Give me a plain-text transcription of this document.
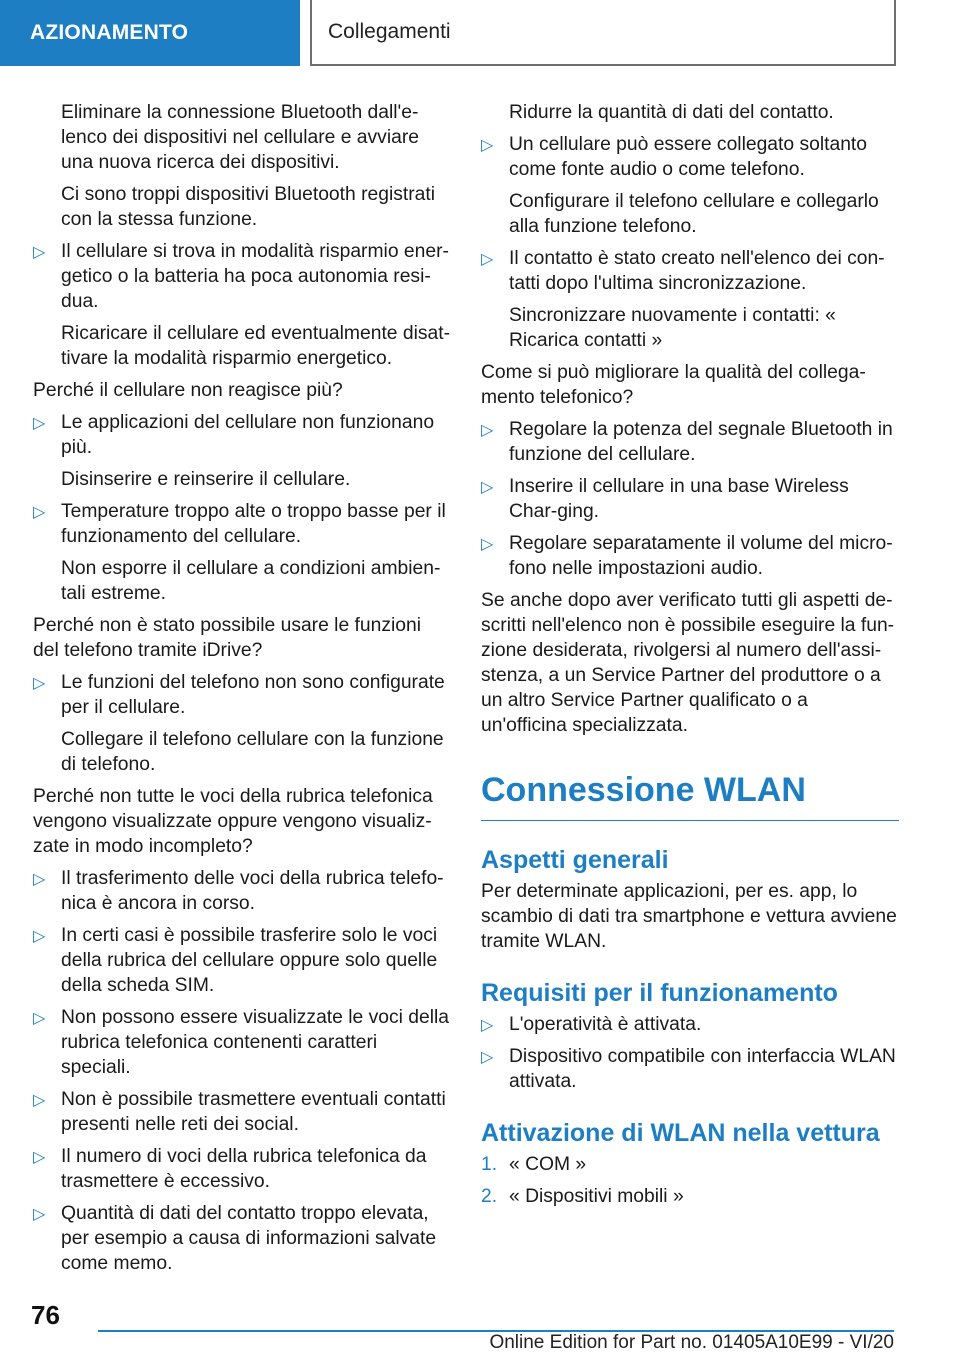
AZIONAMENTO	Collegamenti

Eliminare la connessione Bluetooth dall'e-lenco dei dispositivi nel cellulare e avviare una nuova ricerca dei dispositivi.

Ci sono troppi dispositivi Bluetooth registrati con la stessa funzione.

▷ Il cellulare si trova in modalità risparmio ener-getico o la batteria ha poca autonomia resi-dua.

Ricaricare il cellulare ed eventualmente disat-tivare la modalità risparmio energetico.

Perché il cellulare non reagisce più?

▷ Le applicazioni del cellulare non funzionano più.

Disinserire e reinserire il cellulare.

▷ Temperature troppo alte o troppo basse per il funzionamento del cellulare.

Non esporre il cellulare a condizioni ambien-tali estreme.

Perché non è stato possibile usare le funzioni del telefono tramite iDrive?

▷ Le funzioni del telefono non sono configurate per il cellulare.

Collegare il telefono cellulare con la funzione di telefono.

Perché non tutte le voci della rubrica telefonica vengono visualizzate oppure vengono visualiz-zate in modo incompleto?

▷ Il trasferimento delle voci della rubrica telefo-nica è ancora in corso.
▷ In certi casi è possibile trasferire solo le voci della rubrica del cellulare oppure solo quelle della scheda SIM.
▷ Non possono essere visualizzate le voci della rubrica telefonica contenenti caratteri speciali.
▷ Non è possibile trasmettere eventuali contatti presenti nelle reti dei social.
▷ Il numero di voci della rubrica telefonica da trasmettere è eccessivo.
▷ Quantità di dati del contatto troppo elevata, per esempio a causa di informazioni salvate come memo.

Ridurre la quantità di dati del contatto.

▷ Un cellulare può essere collegato soltanto come fonte audio o come telefono.

Configurare il telefono cellulare e collegarlo alla funzione telefono.

▷ Il contatto è stato creato nell'elenco dei con-tatti dopo l'ultima sincronizzazione.

Sincronizzare nuovamente i contatti: « Ricarica contatti »

Come si può migliorare la qualità del collega-mento telefonico?

▷ Regolare la potenza del segnale Bluetooth in funzione del cellulare.
▷ Inserire il cellulare in una base Wireless Char-ging.
▷ Regolare separatamente il volume del micro-fono nelle impostazioni audio.

Se anche dopo aver verificato tutti gli aspetti de-scritti nell'elenco non è possibile eseguire la fun-zione desiderata, rivolgersi al numero dell'assi-stenza, a un Service Partner del produttore o a un altro Service Partner qualificato o a un'officina specializzata.

Connessione WLAN
Aspetti generali

Per determinate applicazioni, per es. app, lo scambio di dati tra smartphone e vettura avviene tramite WLAN.

Requisiti per il funzionamento
▷ L'operatività è attivata.
▷ Dispositivo compatibile con interfaccia WLAN attivata.
Attivazione di WLAN nella vettura
1. « COM »
2. « Dispositivi mobili »
76
Online Edition for Part no. 01405A10E99 - VI/20
